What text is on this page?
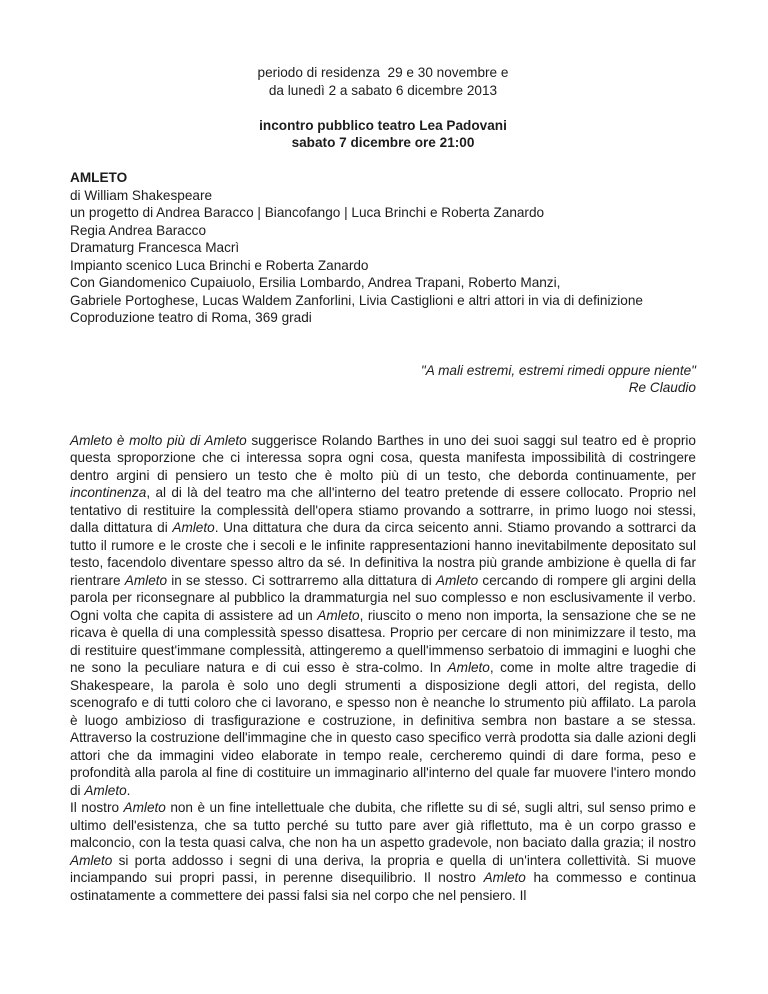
periodo di residenza  29 e 30 novembre e
da lunedì 2 a sabato 6 dicembre 2013
incontro pubblico teatro Lea Padovani
sabato 7 dicembre ore 21:00
AMLETO
di William Shakespeare
un progetto di Andrea Baracco | Biancofango | Luca Brinchi e Roberta Zanardo
Regia Andrea Baracco
Dramaturg Francesca Macrì
Impianto scenico Luca Brinchi e Roberta Zanardo
Con Giandomenico Cupaiuolo, Ersilia Lombardo, Andrea Trapani, Roberto Manzi,
Gabriele Portoghese, Lucas Waldem Zanforlini, Livia Castiglioni e altri attori in via di definizione
Coproduzione teatro di Roma, 369 gradi
"A mali estremi, estremi rimedi oppure niente"
Re Claudio

Amleto è molto più di Amleto suggerisce Rolando Barthes in uno dei suoi saggi sul teatro ed è proprio questa sproporzione che ci interessa sopra ogni cosa, questa manifesta impossibilità di costringere dentro argini di pensiero un testo che è molto più di un testo, che deborda continuamente, per incontinenza, al di là del teatro ma che all'interno del teatro pretende di essere collocato. Proprio nel tentativo di restituire la complessità dell'opera stiamo provando a sottrarre, in primo luogo noi stessi, dalla dittatura di Amleto. Una dittatura che dura da circa seicento anni. Stiamo provando a sottrarci da tutto il rumore e le croste che i secoli e le infinite rappresentazioni hanno inevitabilmente depositato sul testo, facendolo diventare spesso altro da sé. In definitiva la nostra più grande ambizione è quella di far rientrare Amleto in se stesso. Ci sottrarremo alla dittatura di Amleto cercando di rompere gli argini della parola per riconsegnare al pubblico la drammaturgia nel suo complesso e non esclusivamente il verbo. Ogni volta che capita di assistere ad un Amleto, riuscito o meno non importa, la sensazione che se ne ricava è quella di una complessità spesso disattesa. Proprio per cercare di non minimizzare il testo, ma di restituire quest'immane complessità, attingeremo a quell'immenso serbatoio di immagini e luoghi che ne sono la peculiare natura e di cui esso è stra-colmo. In Amleto, come in molte altre tragedie di Shakespeare, la parola è solo uno degli strumenti a disposizione degli attori, del regista, dello scenografo e di tutti coloro che ci lavorano, e spesso non è neanche lo strumento più affilato. La parola è luogo ambizioso di trasfigurazione e costruzione, in definitiva sembra non bastare a se stessa. Attraverso la costruzione dell'immagine che in questo caso specifico verrà prodotta sia dalle azioni degli attori che da immagini video elaborate in tempo reale, cercheremo quindi di dare forma, peso e profondità alla parola al fine di costituire un immaginario all'interno del quale far muovere l'intero mondo di Amleto.

Il nostro Amleto non è un fine intellettuale che dubita, che riflette su di sé, sugli altri, sul senso primo e ultimo dell'esistenza, che sa tutto perché su tutto pare aver già riflettuto, ma è un corpo grasso e malconcio, con la testa quasi calva, che non ha un aspetto gradevole, non baciato dalla grazia; il nostro Amleto si porta addosso i segni di una deriva, la propria e quella di un'intera collettività. Si muove inciampando sui propri passi, in perenne disequilibrio. Il nostro Amleto ha commesso e continua ostinatamente a commettere dei passi falsi sia nel corpo che nel pensiero. Il
